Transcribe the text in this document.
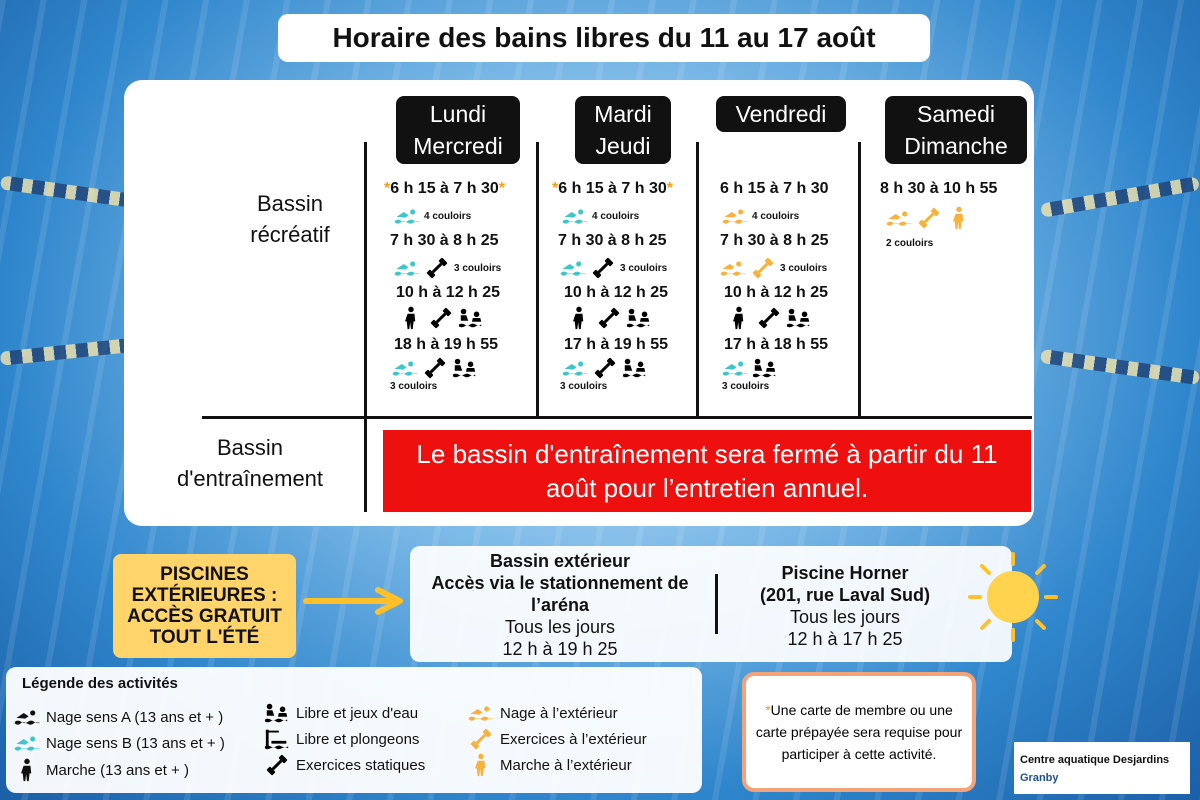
Horaire des bains libres du 11 au 17 août
Lundi
Mercredi
Mardi
Jeudi
Vendredi	Samedi
Dimanche
Bassin
récréatif
Bassin
d'entraînement
*6 h 15 à 7 h 30*
4 couloirs
7 h 30 à 8 h 25
3 couloirs
10 h à 12 h 25
18 h à 19 h 55
3 couloirs
*6 h 15 à 7 h 30*
4 couloirs
7 h 30 à 8 h 25
3 couloirs
10 h à 12 h 25
17 h à 19 h 55
3 couloirs
6 h 15 à 7 h 30
4 couloirs
7 h 30 à 8 h 25
3 couloirs
10 h à 12 h 25
17 h à 18 h 55
3 couloirs
8 h 30 à 10 h 55
2 couloirs
Le bassin d'entraînement sera fermé à partir du 11 août pour l’entretien annuel.
PISCINES EXTÉRIEURES : ACCÈS GRATUIT TOUT L'ÉTÉ
Bassin extérieur
Accès via le stationnement de l’aréna
Tous les jours
12 h à 19 h 25
Piscine Horner
(201, rue Laval Sud)
Tous les jours
12 h à 17 h 25
Légende des activités
Nage sens A (13 ans et + )
Nage sens B (13 ans et + )
Marche (13 ans et + )
Libre et jeux d'eau
Libre et plongeons
Exercices statiques
Nage à l’extérieur
Exercices à l’extérieur
Marche à l’extérieur
*Une carte de membre ou une carte prépayée sera requise pour participer à cette activité.	Centre aquatique Desjardins
Granby
